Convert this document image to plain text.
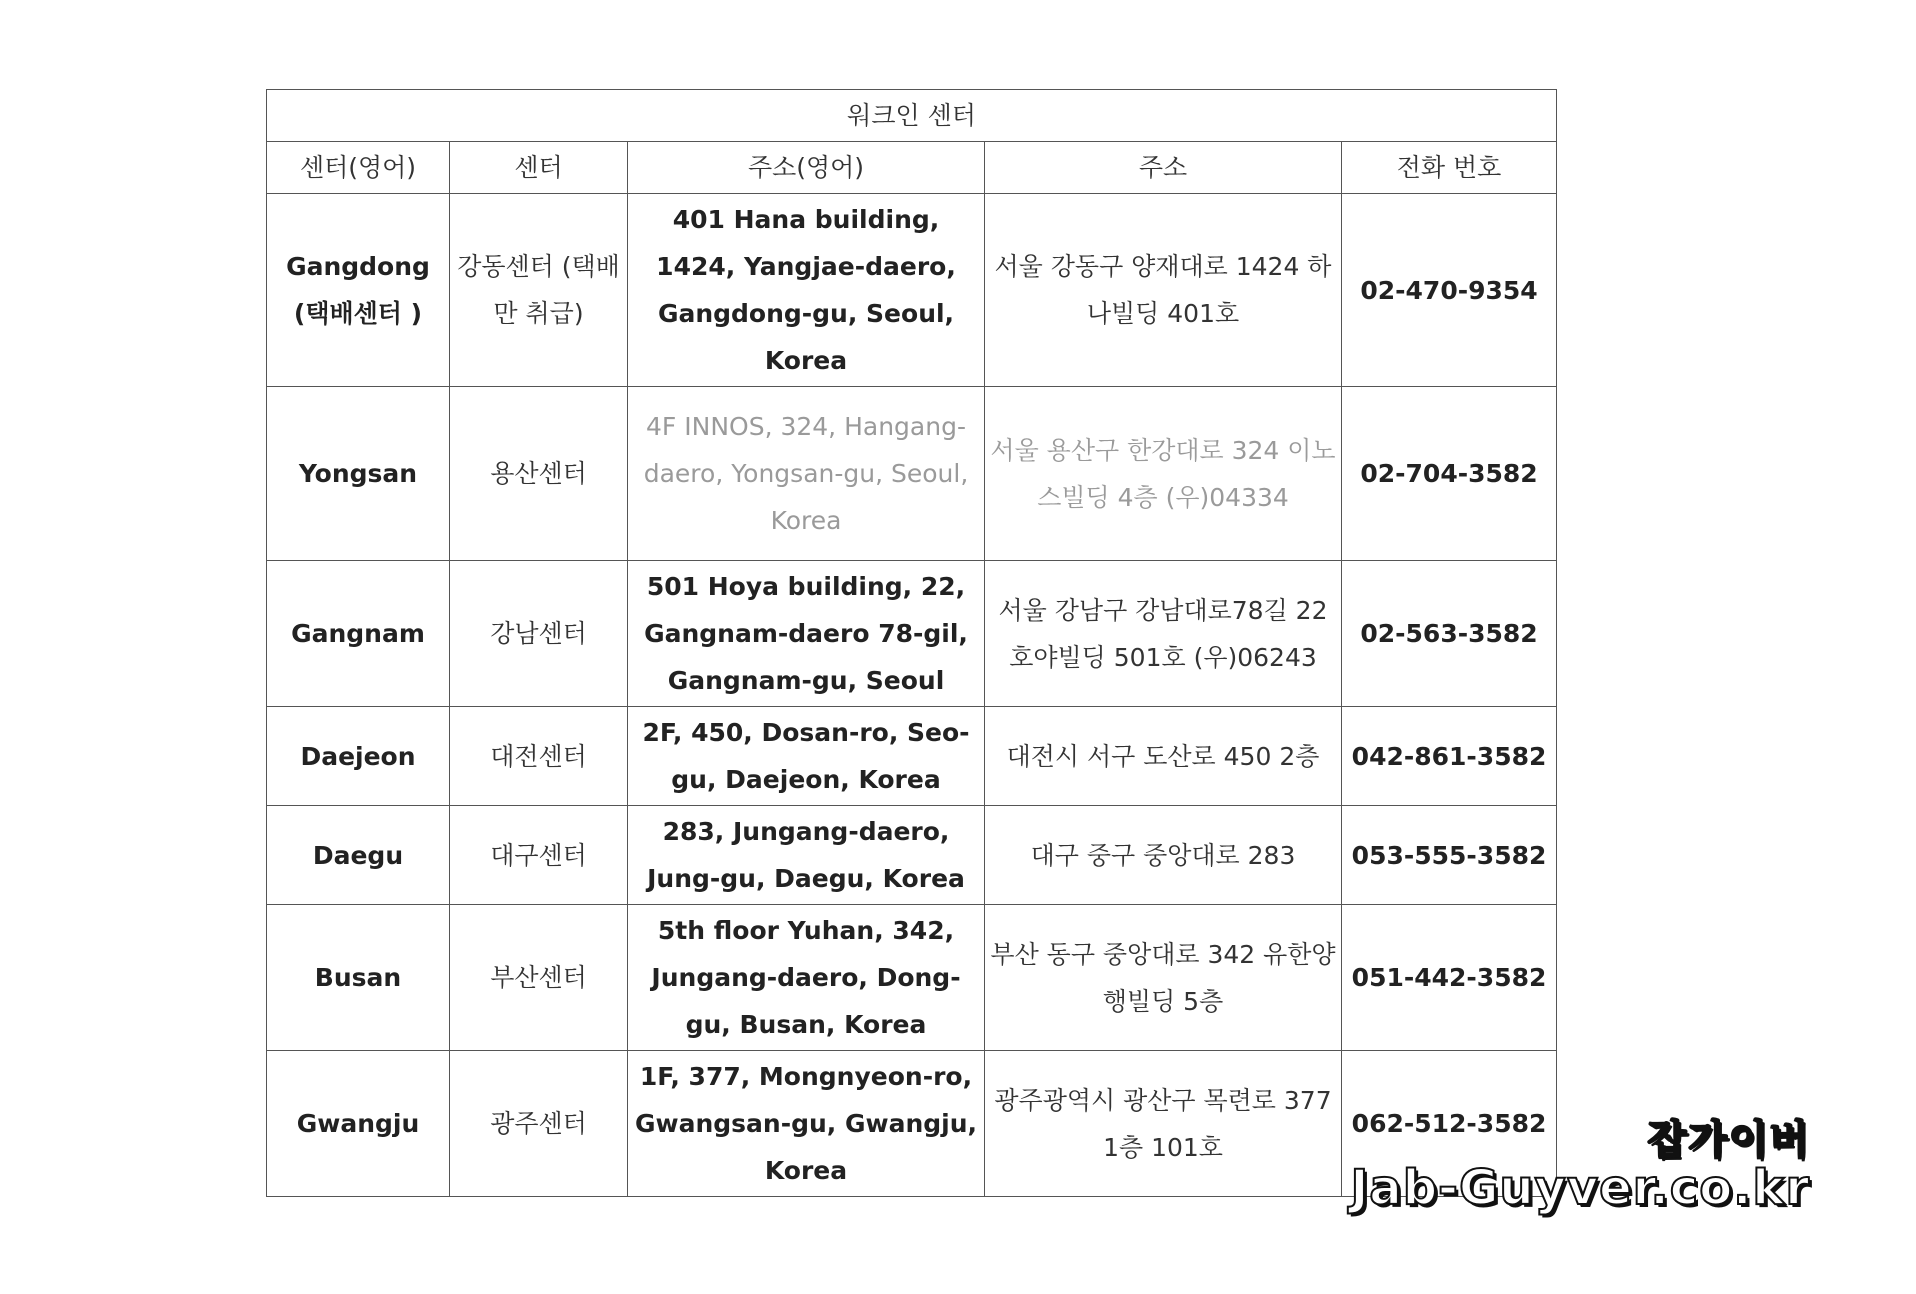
워크인 센터				
센터(영어)	센터	주소(영어)	주소	전화 번호
Gangdong (택배센터 )	강동센터 (택배만 취급)	401 Hana building, 1424, Yangjae-daero, Gangdong-gu, Seoul, Korea	서울 강동구 양재대로 1424 하나빌딩 401호	02-470-9354
Yongsan	용산센터	4F INNOS, 324, Hangang-daero, Yongsan-gu, Seoul, Korea	서울 용산구 한강대로 324 이노스빌딩 4층 (우)04334	02-704-3582
Gangnam	강남센터	501 Hoya building, 22, Gangnam-daero 78-gil, Gangnam-gu, Seoul	서울 강남구 강남대로78길 22 호야빌딩 501호 (우)06243	02-563-3582
Daejeon	대전센터	2F, 450, Dosan-ro, Seo-gu, Daejeon, Korea	대전시 서구 도산로 450 2층	042-861-3582
Daegu	대구센터	283, Jungang-daero, Jung-gu, Daegu, Korea	대구 중구 중앙대로 283	053-555-3582
Busan	부산센터	5th floor Yuhan, 342, Jungang-daero, Dong-gu, Busan, Korea	부산 동구 중앙대로 342 유한양행빌딩 5층	051-442-3582
Gwangju	광주센터	1F, 377, Mongnyeon-ro, Gwangsan-gu, Gwangju, Korea	광주광역시 광산구 목련로 377 1층 101호	062-512-3582	잡가이버
Jab-Guyver.co.kr
